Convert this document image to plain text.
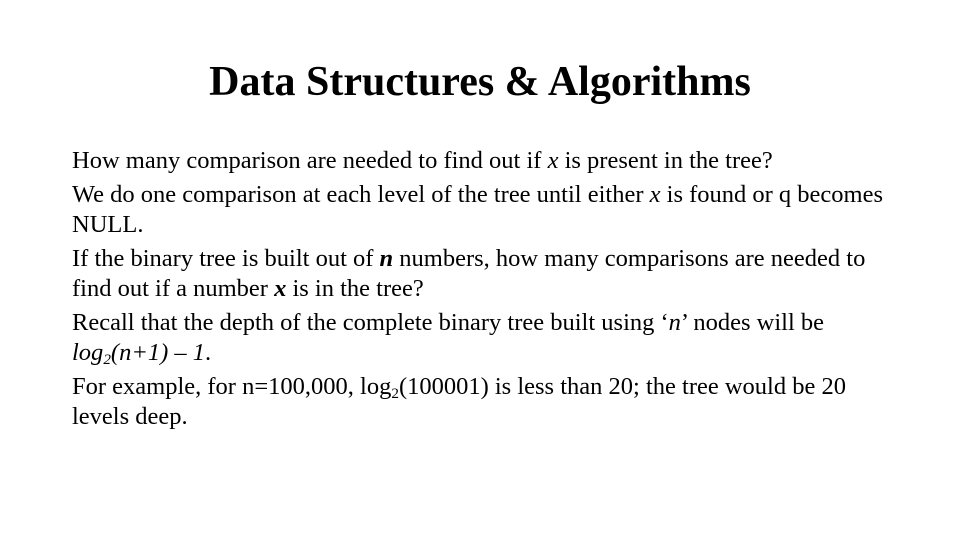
Data Structures & Algorithms

How many comparison are needed to find out if x is present in the tree?

We do one comparison at each level of the tree until either x is found or q becomes NULL.

If the binary tree is built out of n numbers, how many comparisons are needed to find out if a number x is in the tree?

Recall that the depth of the complete binary tree built using ‘n’ nodes will be $\log_2(n+1) - 1$.

For example, for n=100,000, $\log_2(100001)$ is less than 20; the tree would be 20 levels deep.
